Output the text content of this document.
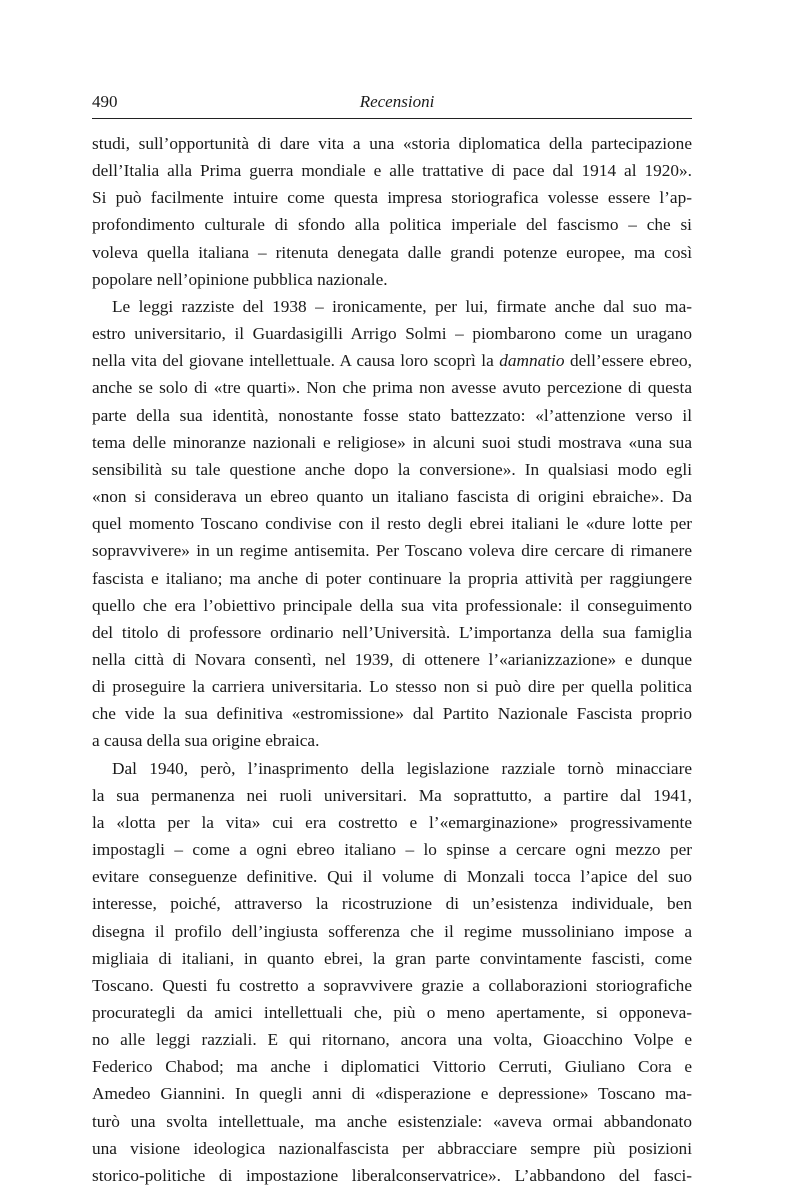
490	Recensioni
studi, sull’opportunità di dare vita a una «storia diplomatica della partecipazione
dell’Italia alla Prima guerra mondiale e alle trattative di pace dal 1914 al 1920».
Si può facilmente intuire come questa impresa storiografica volesse essere l’ap-
profondimento culturale di sfondo alla politica imperiale del fascismo – che si
voleva quella italiana – ritenuta denegata dalle grandi potenze europee, ma così
popolare nell’opinione pubblica nazionale.
Le leggi razziste del 1938 – ironicamente, per lui, firmate anche dal suo ma-
estro universitario, il Guardasigilli Arrigo Solmi – piombarono come un uragano
nella vita del giovane intellettuale. A causa loro scoprì la damnatio dell’essere ebreo,
anche se solo di «tre quarti». Non che prima non avesse avuto percezione di questa
parte della sua identità, nonostante fosse stato battezzato: «l’attenzione verso il
tema delle minoranze nazionali e religiose» in alcuni suoi studi mostrava «una sua
sensibilità su tale questione anche dopo la conversione». In qualsiasi modo egli
«non si considerava un ebreo quanto un italiano fascista di origini ebraiche». Da
quel momento Toscano condivise con il resto degli ebrei italiani le «dure lotte per
sopravvivere» in un regime antisemita. Per Toscano voleva dire cercare di rimanere
fascista e italiano; ma anche di poter continuare la propria attività per raggiungere
quello che era l’obiettivo principale della sua vita professionale: il conseguimento
del titolo di professore ordinario nell’Università. L’importanza della sua famiglia
nella città di Novara consentì, nel 1939, di ottenere l’«arianizzazione» e dunque
di proseguire la carriera universitaria. Lo stesso non si può dire per quella politica
che vide la sua definitiva «estromissione» dal Partito Nazionale Fascista proprio
a causa della sua origine ebraica.
Dal 1940, però, l’inasprimento della legislazione razziale tornò minacciare
la sua permanenza nei ruoli universitari. Ma soprattutto, a partire dal 1941,
la «lotta per la vita» cui era costretto e l’«emarginazione» progressivamente
impostagli – come a ogni ebreo italiano – lo spinse a cercare ogni mezzo per
evitare conseguenze definitive. Qui il volume di Monzali tocca l’apice del suo
interesse, poiché, attraverso la ricostruzione di un’esistenza individuale, ben
disegna il profilo dell’ingiusta sofferenza che il regime mussoliniano impose a
migliaia di italiani, in quanto ebrei, la gran parte convintamente fascisti, come
Toscano. Questi fu costretto a sopravvivere grazie a collaborazioni storiografiche
procurategli da amici intellettuali che, più o meno apertamente, si opponeva-
no alle leggi razziali. E qui ritornano, ancora una volta, Gioacchino Volpe e
Federico Chabod; ma anche i diplomatici Vittorio Cerruti, Giuliano Cora e
Amedeo Giannini. In quegli anni di «disperazione e depressione» Toscano ma-
turò una svolta intellettuale, ma anche esistenziale: «aveva ormai abbandonato
una visione ideologica nazionalfascista per abbracciare sempre più posizioni
storico-politiche di impostazione liberalconservatrice». L’abbandono del fasci-
